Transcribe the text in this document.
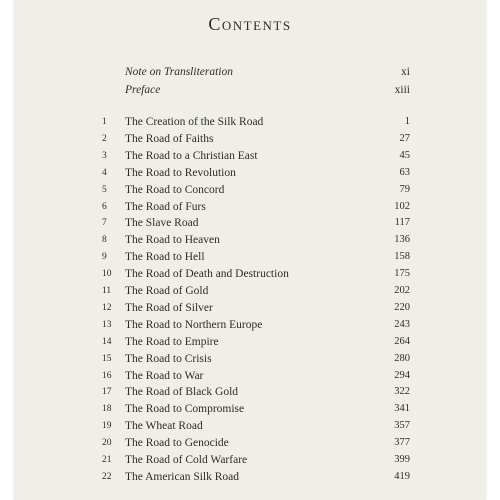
Contents
Note on Transliteration	xi
Preface	xiii
1	The Creation of the Silk Road	1
2	The Road of Faiths	27
3	The Road to a Christian East	45
4	The Road to Revolution	63
5	The Road to Concord	79
6	The Road of Furs	102
7	The Slave Road	117
8	The Road to Heaven	136
9	The Road to Hell	158
10	The Road of Death and Destruction	175
11	The Road of Gold	202
12	The Road of Silver	220
13	The Road to Northern Europe	243
14	The Road to Empire	264
15	The Road to Crisis	280
16	The Road to War	294
17	The Road of Black Gold	322
18	The Road to Compromise	341
19	The Wheat Road	357
20	The Road to Genocide	377
21	The Road of Cold Warfare	399
22	The American Silk Road	419
